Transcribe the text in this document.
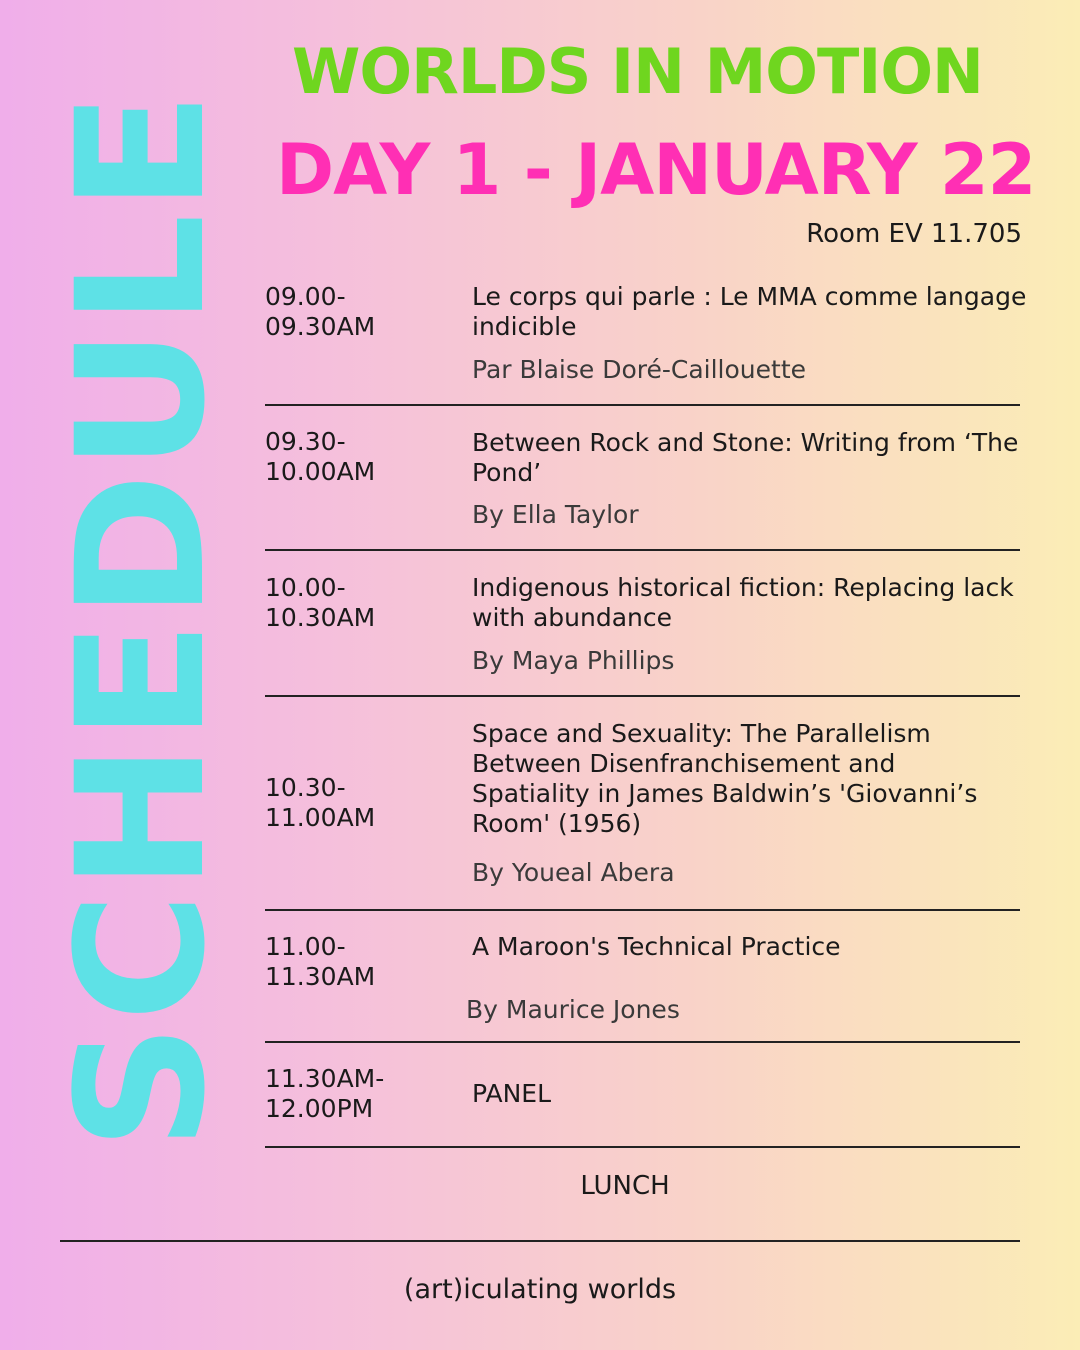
SCHEDULE
WORLDS IN MOTION
DAY 1 - JANUARY 22
Room EV 11.705
09.00-
09.30AM
Le corps qui parle : Le MMA comme langage indicible
Par Blaise Doré-Caillouette
09.30-
10.00AM
Between Rock and Stone: Writing from ‘The Pond’
By Ella Taylor
10.00-
10.30AM
Indigenous historical fiction: Replacing lack with abundance
By Maya Phillips
10.30-
11.00AM
Space and Sexuality: The Parallelism Between Disenfranchisement and Spatiality in James Baldwin’s 'Giovanni’s Room' (1956)
By Youeal Abera
11.00-
11.30AM
A Maroon's Technical Practice
By Maurice Jones
11.30AM-
12.00PM
PANEL
LUNCH
(art)iculating worlds
